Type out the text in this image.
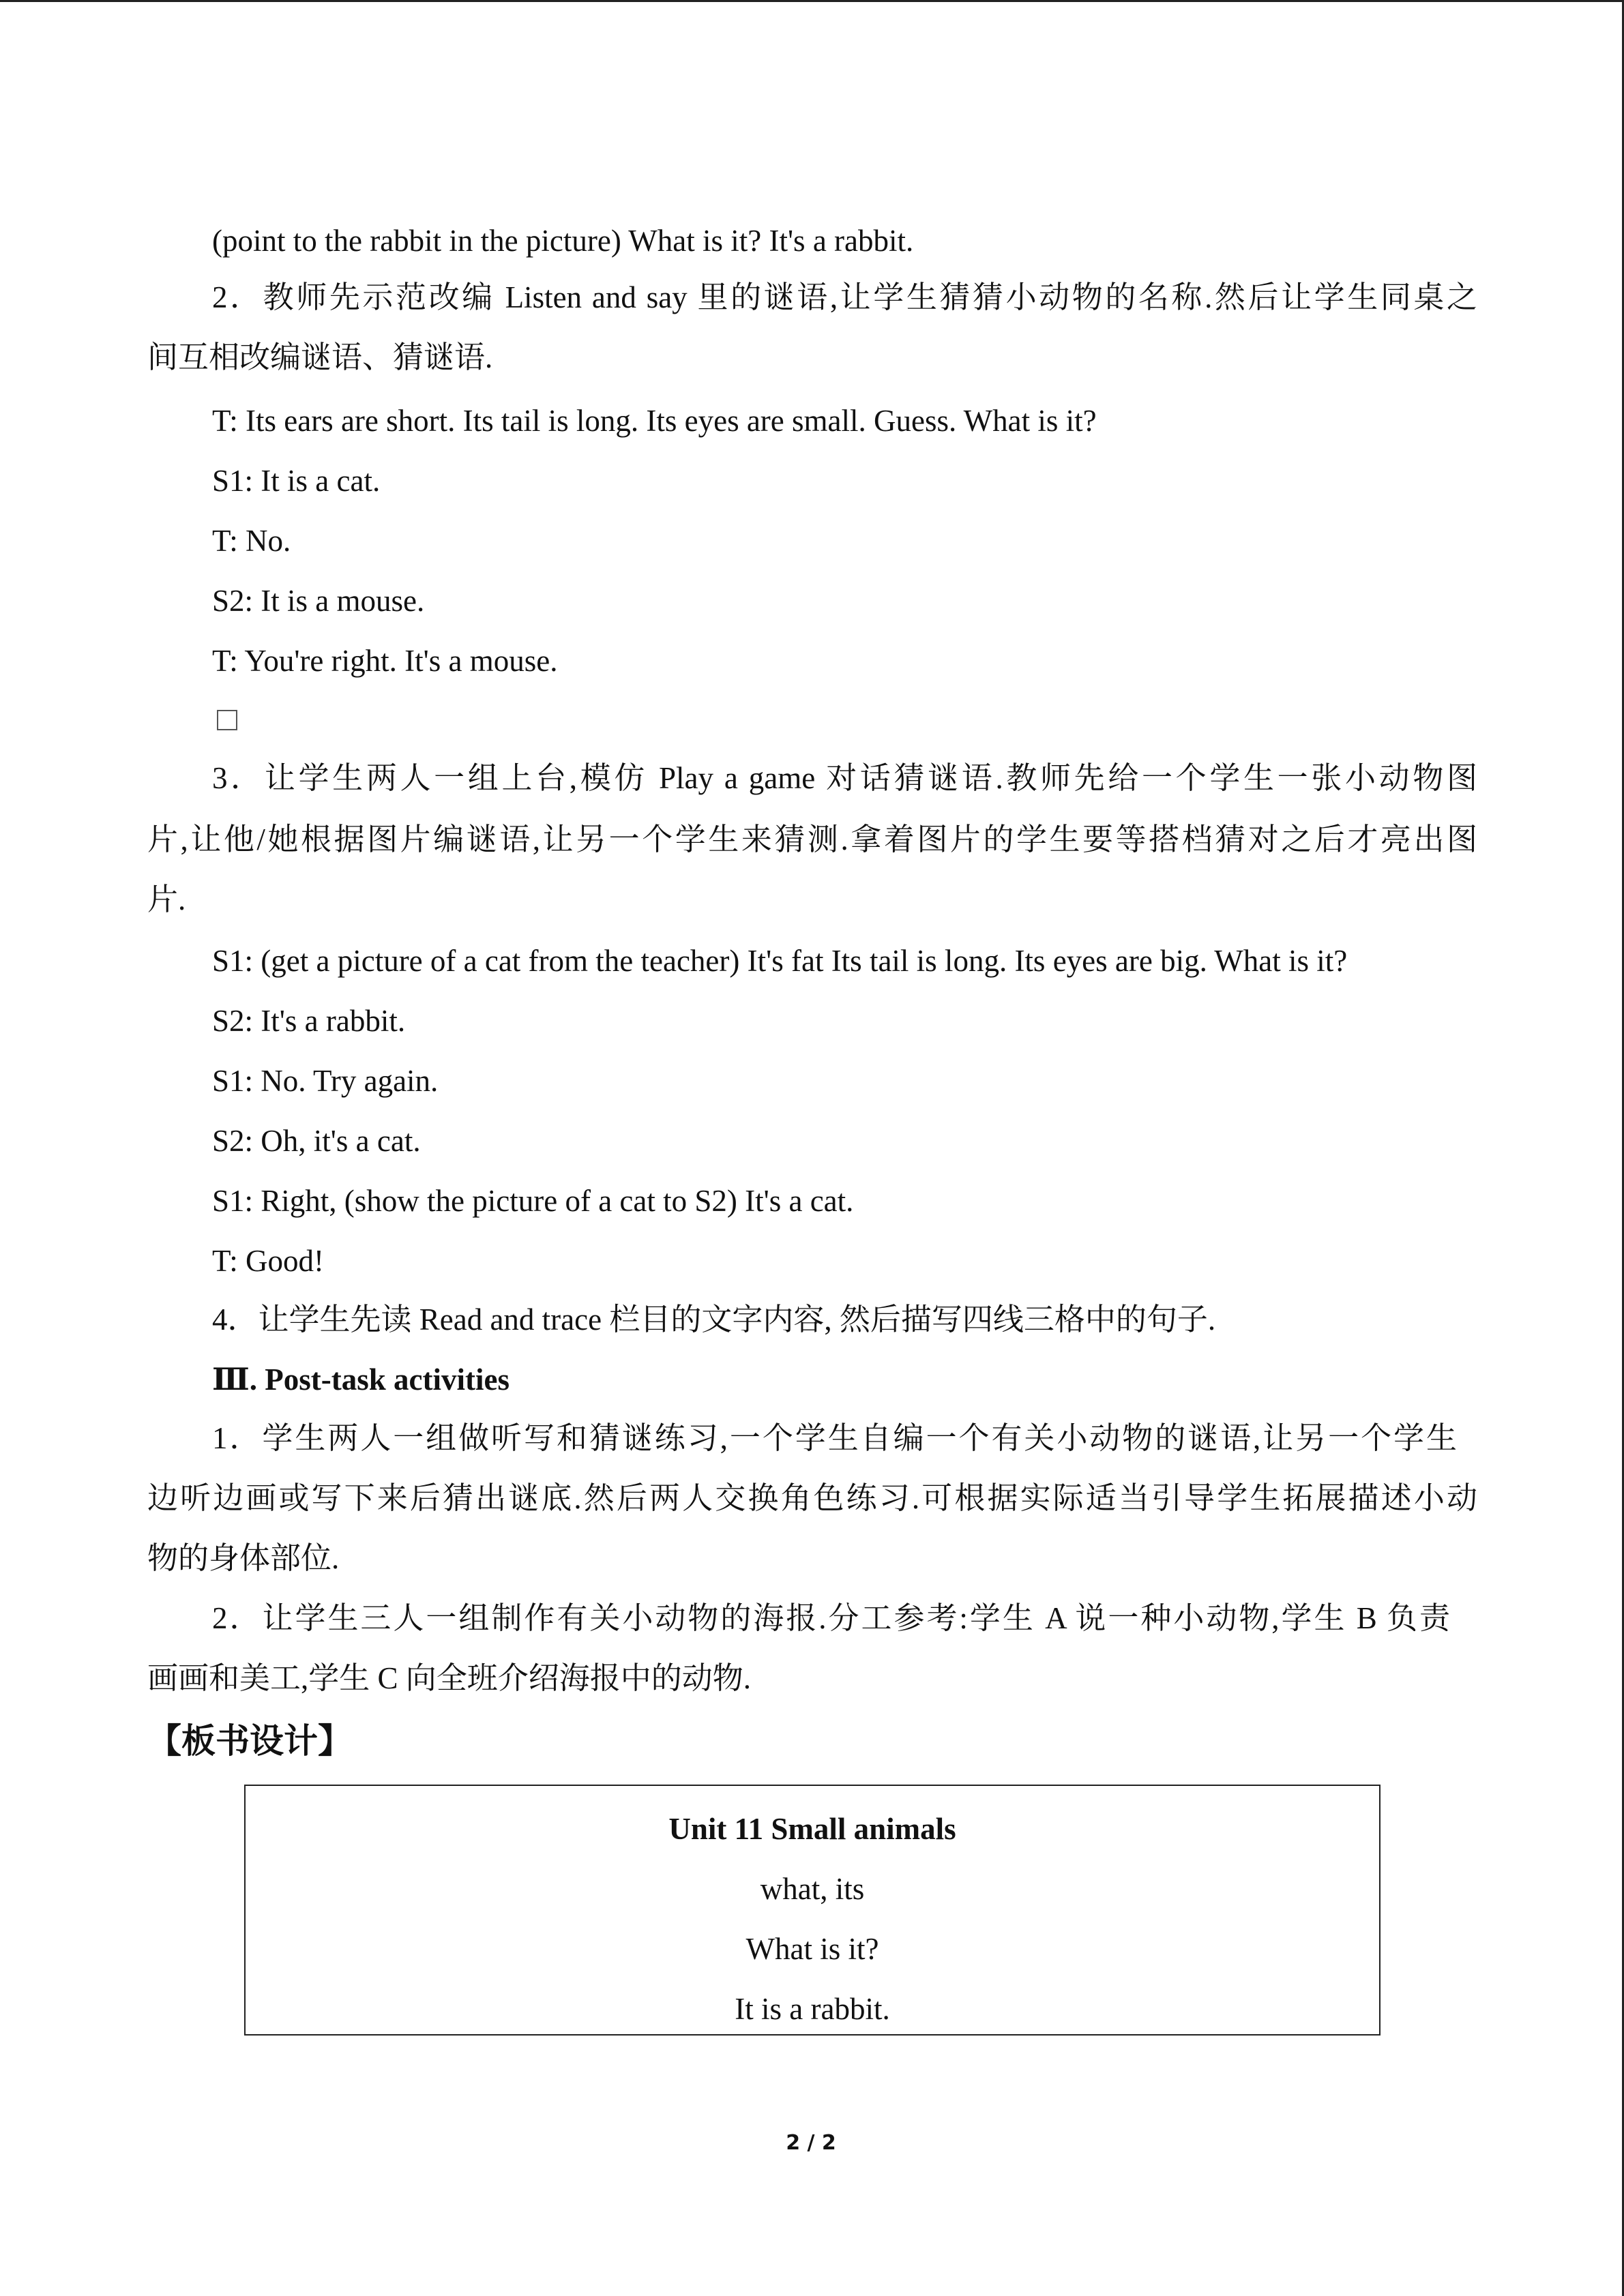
(point to the rabbit in the picture) What is it? It's a rabbit.
2．教师先示范改编 Listen and say 里的谜语,让学生猜猜小动物的名称.然后让学生同桌之
间互相改编谜语、猜谜语.
T: Its ears are short. Its tail is long. Its eyes are small. Guess. What is it?
S1: It is a cat.
T: No.
S2: It is a mouse.
T: You're right. It's a mouse.
3．让学生两人一组上台,模仿 Play a game 对话猜谜语.教师先给一个学生一张小动物图
片,让他/她根据图片编谜语,让另一个学生来猜测.拿着图片的学生要等搭档猜对之后才亮出图
片.
S1: (get a picture of a cat from the teacher) It's fat Its tail is long. Its eyes are big. What is it?
S2: It's a rabbit.
S1: No. Try again.
S2: Oh, it's a cat.
S1: Right, (show the picture of a cat to S2) It's a cat.
T: Good!
4．让学生先读 Read and trace 栏目的文字内容, 然后描写四线三格中的句子.
Ⅲ. Post-task activities
1．学生两人一组做听写和猜谜练习,一个学生自编一个有关小动物的谜语,让另一个学生
边听边画或写下来后猜出谜底.然后两人交换角色练习.可根据实际适当引导学生拓展描述小动
物的身体部位.
2．让学生三人一组制作有关小动物的海报.分工参考:学生 A 说一种小动物,学生 B 负责
画画和美工,学生 C 向全班介绍海报中的动物.
【板书设计】
Unit 11 Small animals
what, its
What is it?
It is a rabbit.
2 / 2
